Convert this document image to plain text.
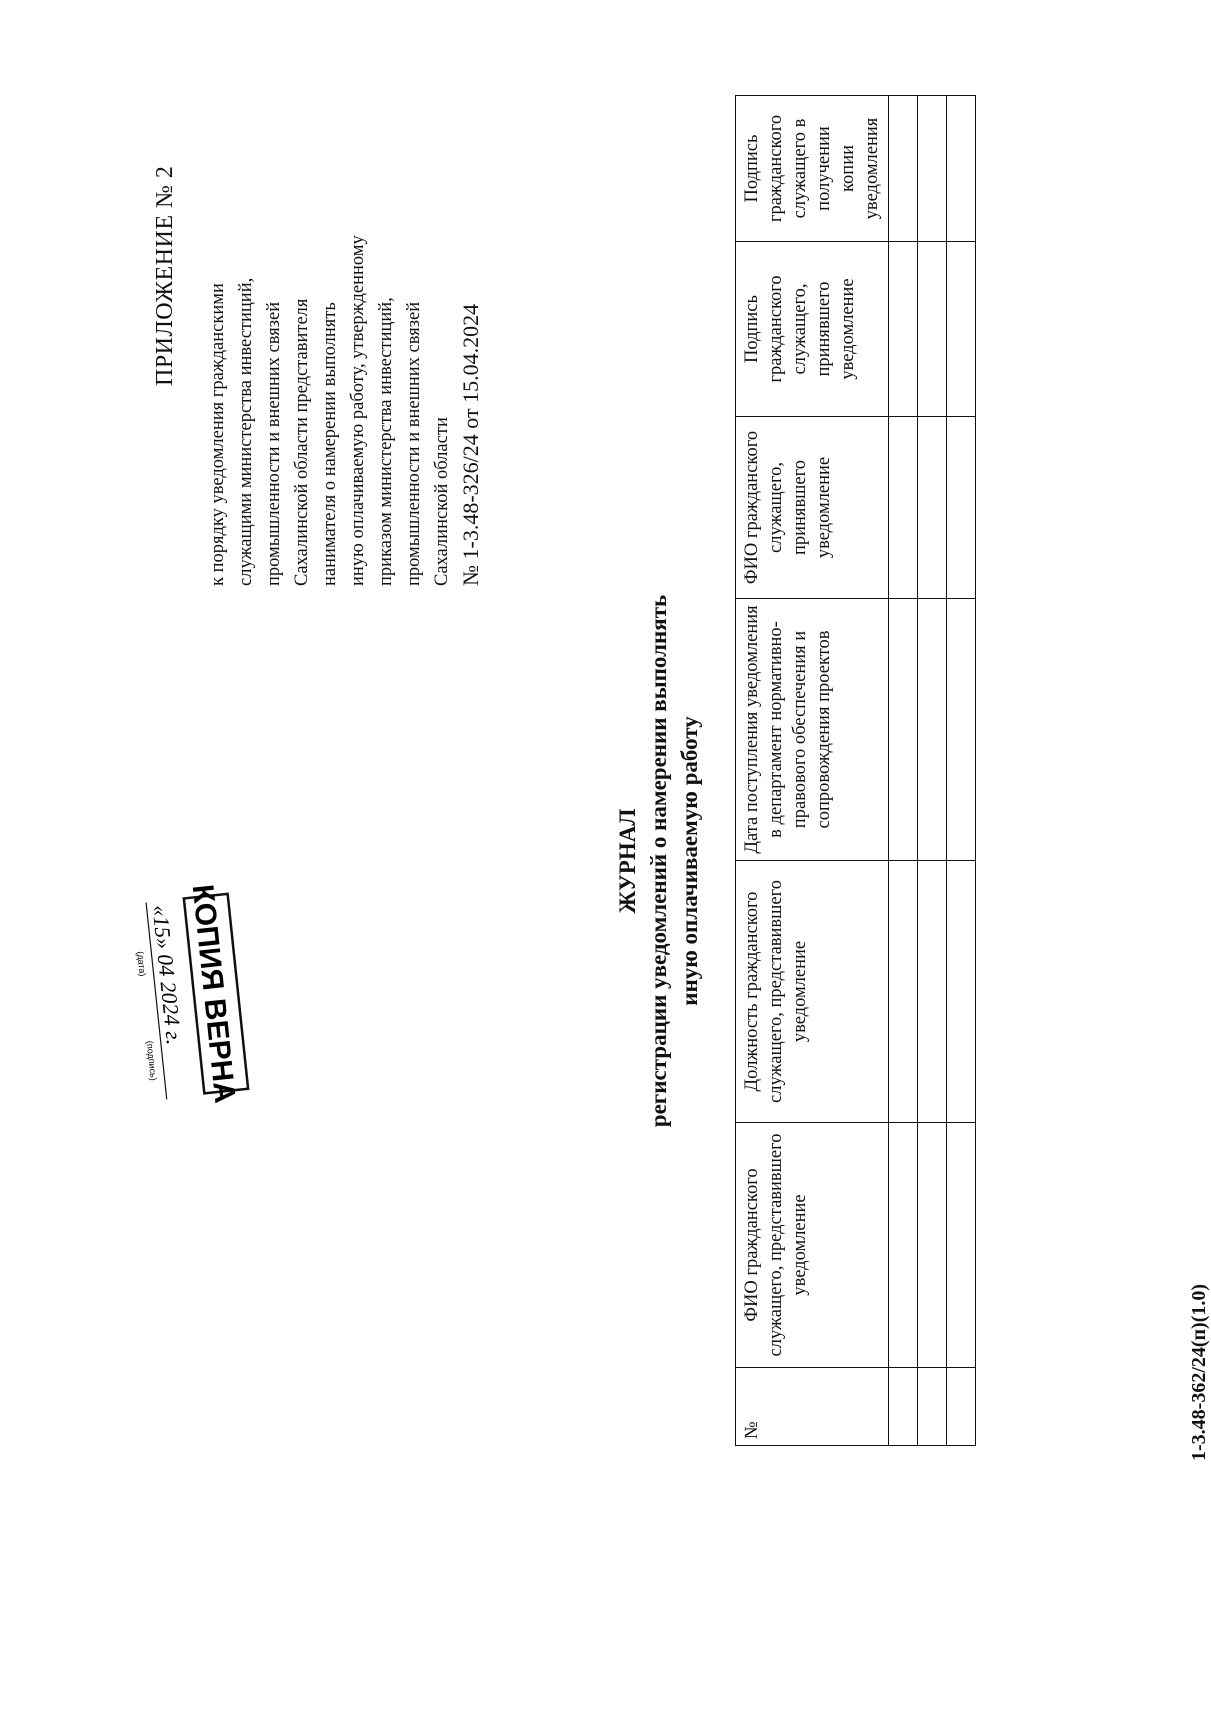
ПРИЛОЖЕНИЕ № 2
к порядку уведомления гражданскими служащими министерства инвестиций, промышленности и внешних связей Сахалинской области представителя нанимателя о намерении выполнять иную оплачиваемую работу, утвержденному приказом министерства инвестиций, промышленности и внешних связей Сахалинской области № 1-3.48-326/24 от 15.04.2024
ЖУРНАЛ регистрации уведомлений о намерении выполнять иную оплачиваемую работу
№	ФИО гражданского служащего, представившего уведомление	Должность гражданского служащего, представившего уведомление	Дата поступления уведомления в департамент нормативно-правового обеспечения и сопровождения проектов	ФИО гражданского служащего, принявшего уведомление	Подпись гражданского служащего, принявшего уведомление	Подпись гражданского служащего в получении копии уведомления

1-3.48-362/24(п)(1.0)
КОПИЯ ВЕРНА
«15» 04 2024 г.
(дата)
(подпись)
